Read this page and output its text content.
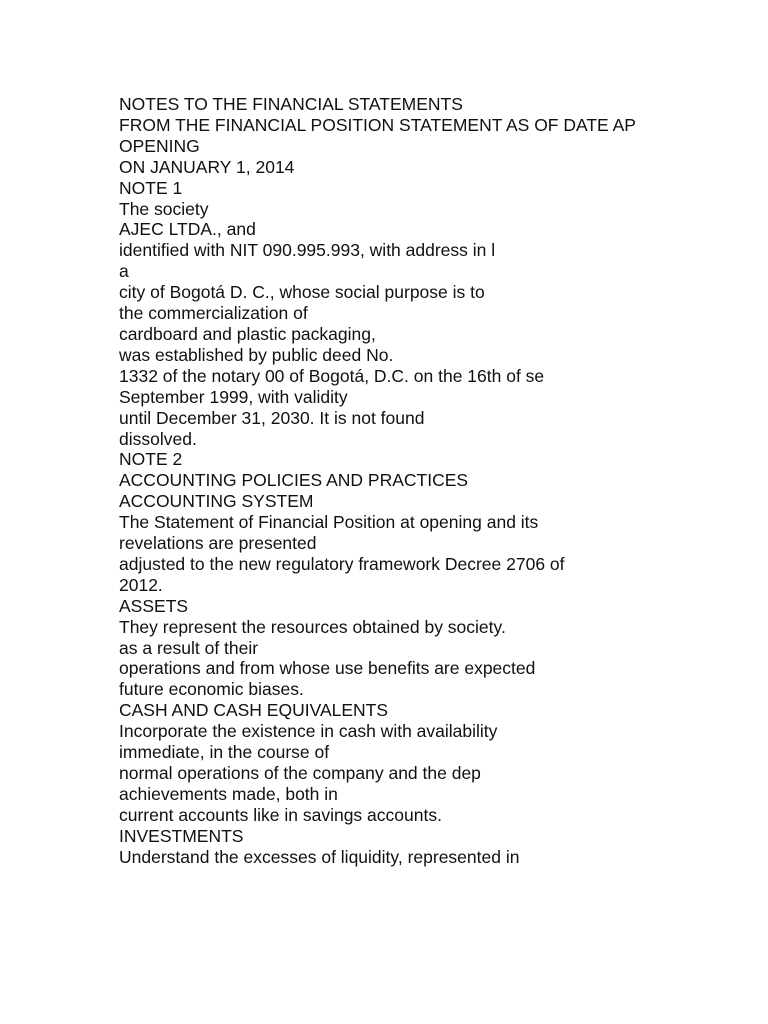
NOTES TO THE FINANCIAL STATEMENTS
FROM THE FINANCIAL POSITION STATEMENT AS OF DATE AP
OPENING
ON JANUARY 1, 2014
NOTE 1
The society
AJEC LTDA., and
identified with NIT 090.995.993, with address in l
a
city of Bogotá D. C., whose social purpose is to
the commercialization of
cardboard and plastic packaging,
was established by public deed No.
1332 of the notary 00 of Bogotá, D.C. on the 16th of se
September 1999, with validity
until December 31, 2030. It is not found
dissolved.
NOTE 2
ACCOUNTING POLICIES AND PRACTICES
ACCOUNTING SYSTEM
The Statement of Financial Position at opening and its
revelations are presented
adjusted to the new regulatory framework Decree 2706 of
2012.
ASSETS
They represent the resources obtained by society.
as a result of their
operations and from whose use benefits are expected
future economic biases.
CASH AND CASH EQUIVALENTS
Incorporate the existence in cash with availability
immediate, in the course of
normal operations of the company and the dep
achievements made, both in
current accounts like in savings accounts.
INVESTMENTS
Understand the excesses of liquidity, represented in
